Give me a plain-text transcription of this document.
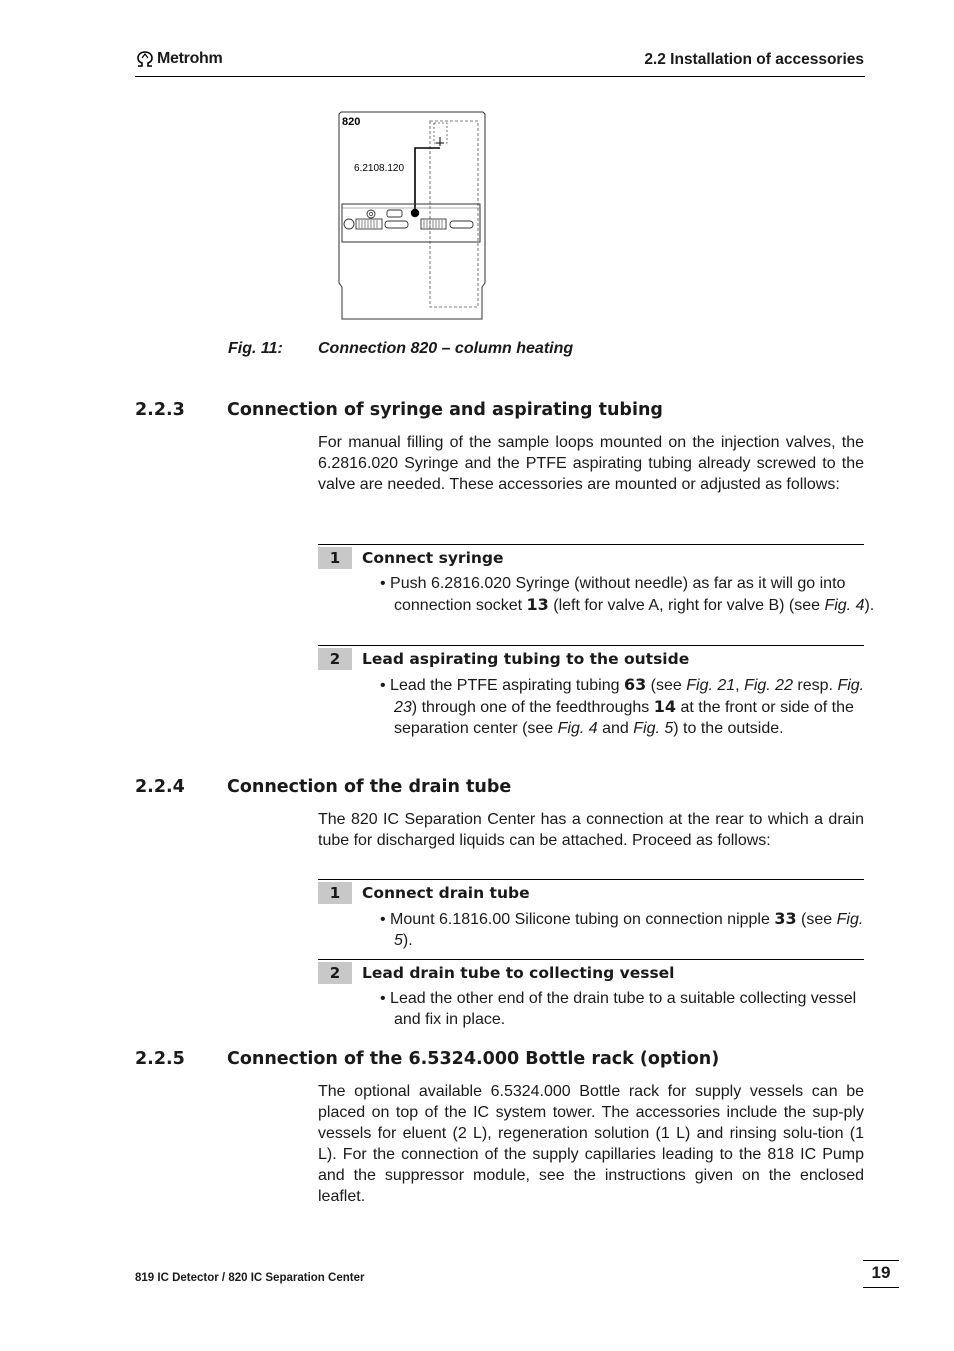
Metrohm	2.2 Installation of accessories
820
6.2108.120
Fig. 11: Connection 820 – column heating
2.2.3 Connection of syringe and aspirating tubing

For manual filling of the sample loops mounted on the injection valves, the 6.2816.020 Syringe and the PTFE aspirating tubing already screwed to the valve are needed. These accessories are mounted or adjusted as follows:

1	Connect syringe
• Push 6.2816.020 Syringe (without needle) as far as it will go into connection socket 13 (left for valve A, right for valve B) (see Fig. 4).
2	Lead aspirating tubing to the outside
• Lead the PTFE aspirating tubing 63 (see Fig. 21, Fig. 22 resp. Fig. 23) through one of the feedthroughs 14 at the front or side of the separation center (see Fig. 4 and Fig. 5) to the outside.
2.2.4 Connection of the drain tube

The 820 IC Separation Center has a connection at the rear to which a drain tube for discharged liquids can be attached. Proceed as follows:

1	Connect drain tube
• Mount 6.1816.00 Silicone tubing on connection nipple 33 (see Fig. 5).
2	Lead drain tube to collecting vessel
• Lead the other end of the drain tube to a suitable collecting vessel and fix in place.
2.2.5 Connection of the 6.5324.000 Bottle rack (option)

The optional available 6.5324.000 Bottle rack for supply vessels can be placed on top of the IC system tower. The accessories include the sup-ply vessels for eluent (2 L), regeneration solution (1 L) and rinsing solu-tion (1 L). For the connection of the supply capillaries leading to the 818 IC Pump and the suppressor module, see the instructions given on the enclosed leaflet.

819 IC Detector / 820 IC Separation Center	19
